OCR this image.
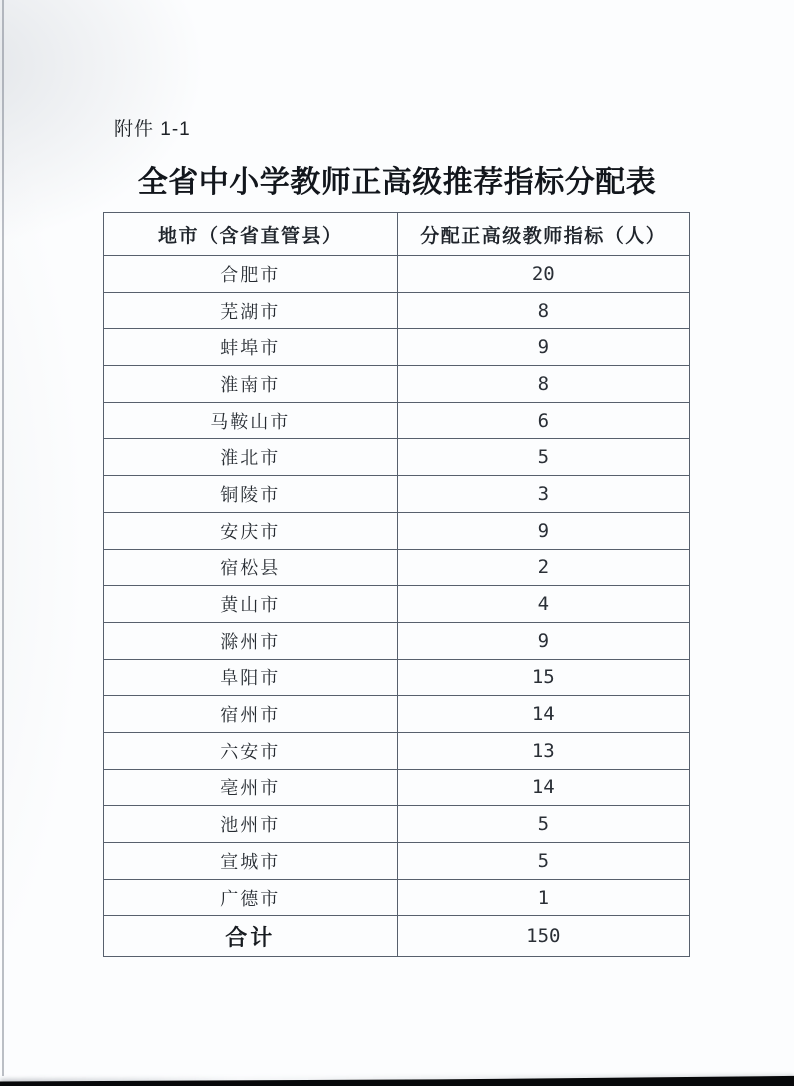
附件 1-1
全省中小学教师正高级推荐指标分配表
地市（含省直管县）	分配正高级教师指标（人）
合肥市	20
芜湖市	8
蚌埠市	9
淮南市	8
马鞍山市	6
淮北市	5
铜陵市	3
安庆市	9
宿松县	2
黄山市	4
滁州市	9
阜阳市	15
宿州市	14
六安市	13
亳州市	14
池州市	5
宣城市	5
广德市	1
合计	150
